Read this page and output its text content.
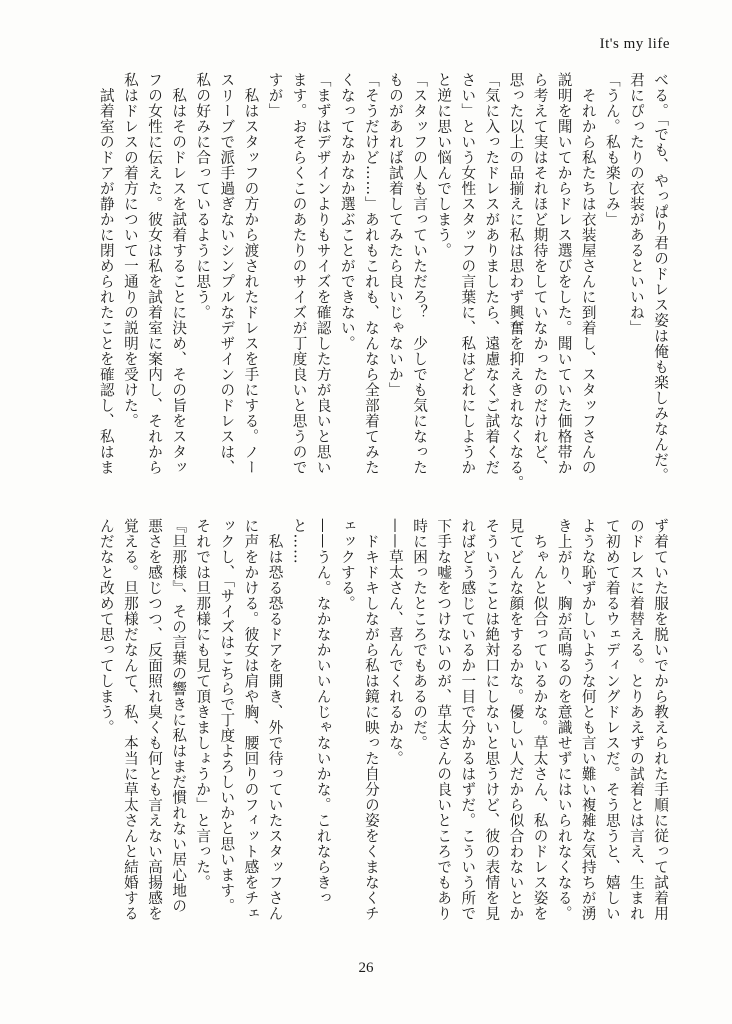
It's my life
べる。「でも、やっぱり君のドレス姿は俺も楽しみなんだ。
君にぴったりの衣装があるといいね」
「うん。私も楽しみ」
　それから私たちは衣装屋さんに到着し、スタッフさんの
説明を聞いてからドレス選びをした。聞いていた価格帯か
ら考えて実はそれほど期待をしていなかったのだけれど、
思った以上の品揃えに私は思わず興奮を抑えきれなくなる。
「気に入ったドレスがありましたら、遠慮なくご試着くだ
さい」という女性スタッフの言葉に、私はどれにしようか
と逆に思い悩んでしまう。
「スタッフの人も言っていただろ？　少しでも気になった
ものがあれば試着してみたら良いじゃないか」
「そうだけど……」あれもこれも、なんなら全部着てみた
くなってなかなか選ぶことができない。
「まずはデザインよりもサイズを確認した方が良いと思い
ます。おそらくこのあたりのサイズが丁度良いと思うので
すが」
　私はスタッフの方から渡されたドレスを手にする。ノー
スリーブで派手過ぎないシンプルなデザインのドレスは、
私の好みに合っているように思う。
　私はそのドレスを試着することに決め、その旨をスタッ
フの女性に伝えた。彼女は私を試着室に案内し、それから
私はドレスの着方について一通りの説明を受けた。
　試着室のドアが静かに閉められたことを確認し、私はま
ず着ていた服を脱いでから教えられた手順に従って試着用
のドレスに着替える。とりあえずの試着とは言え、生まれ
て初めて着るウェディングドレスだ。そう思うと、嬉しい
ような恥ずかしいような何とも言い難い複雑な気持ちが湧
き上がり、胸が高鳴るのを意識せずにはいられなくなる。
　ちゃんと似合っているかな。草太さん、私のドレス姿を
見てどんな顔をするかな。優しい人だから似合わないとか
そういうことは絶対口にしないと思うけど、彼の表情を見
ればどう感じているか一目で分かるはずだ。こういう所で
下手な嘘をつけないのが、草太さんの良いところでもあり
時に困ったところでもあるのだ。
——草太さん、喜んでくれるかな。
　ドキドキしながら私は鏡に映った自分の姿をくまなくチ
ェックする。
——うん。なかなかいいんじゃないかな。これならきっ
と……
　私は恐る恐るドアを開き、外で待っていたスタッフさん
に声をかける。彼女は肩や胸、腰回りのフィット感をチェ
ックし、「サイズはこちらで丁度よろしいかと思います。
それでは旦那様にも見て頂きましょうか」と言った。
『旦那様』、その言葉の響きに私はまだ慣れない居心地の
悪さを感じつつ、反面照れ臭くも何とも言えない高揚感を
覚える。旦那様だなんて、私、本当に草太さんと結婚する
んだなと改めて思ってしまう。
26
